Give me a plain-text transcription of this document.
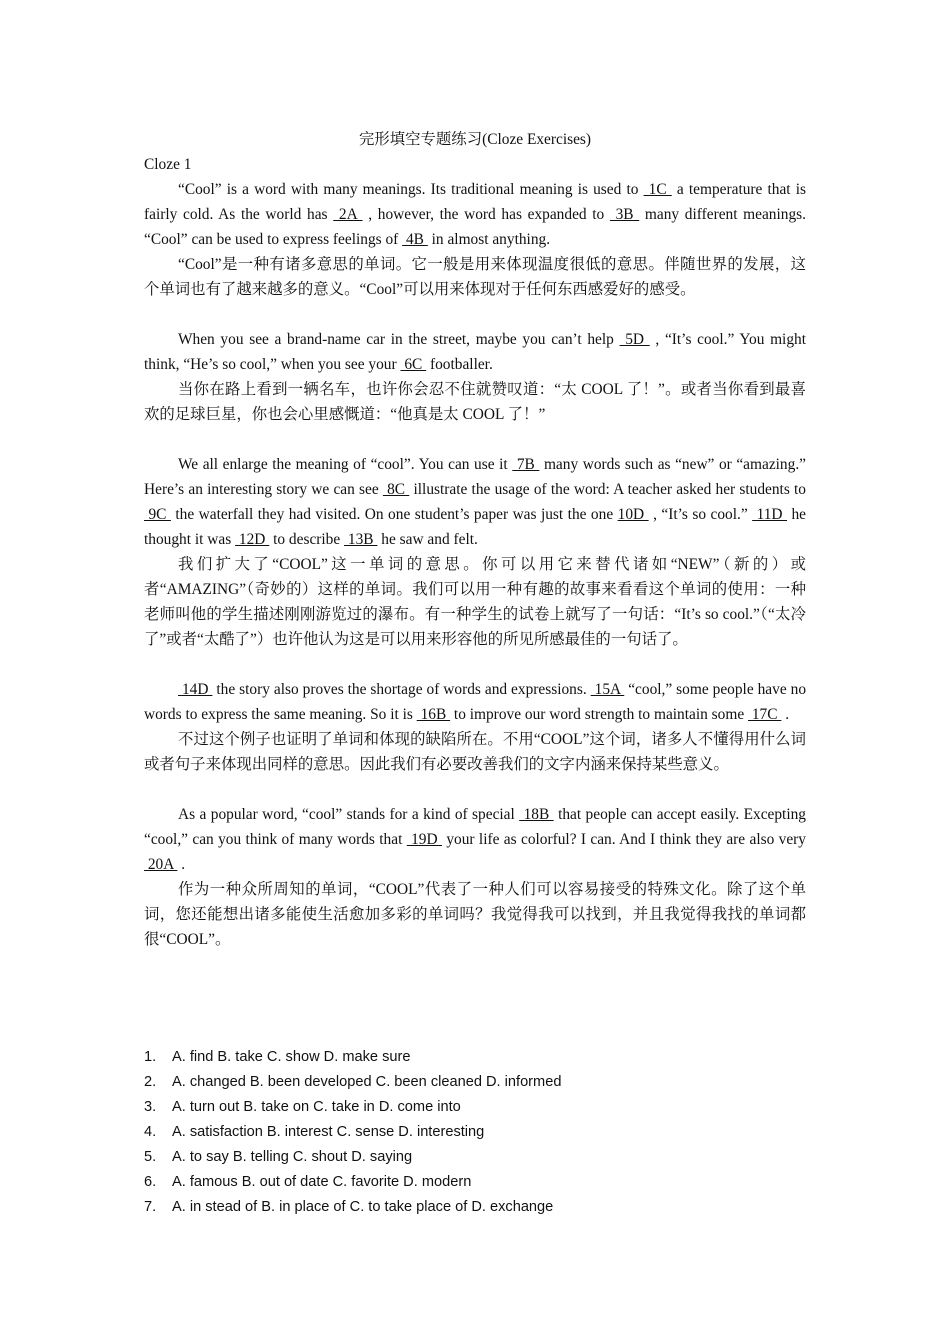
完形填空专题练习(Cloze Exercises)

Cloze 1

“Cool” is a word with many meanings. Its traditional meaning is used to  1C  a temperature that is fairly cold. As the world has  2A  , however, the word has expanded to  3B  many different meanings. “Cool” can be used to express feelings of  4B  in almost anything.

“Cool”是一种有诸多意思的单词。它一般是用来体现温度很低的意思。伴随世界的发展，这个单词也有了越来越多的意义。“Cool”可以用来体现对于任何东西感爱好的感受。

When you see a brand-name car in the street, maybe you can’t help  5D  , “It’s cool.” You might think, “He’s so cool,” when you see your  6C  footballer.

当你在路上看到一辆名车，也许你会忍不住就赞叹道：“太 COOL 了！”。或者当你看到最喜欢的足球巨星，你也会心里感慨道：“他真是太 COOL 了！”

We all enlarge the meaning of “cool”. You can use it  7B  many words such as “new” or “amazing.” Here’s an interesting story we can see  8C  illustrate the usage of the word: A teacher asked her students to  9C  the waterfall they had visited. On one student’s paper was just the one 10D  , “It’s so cool.”  11D  he thought it was  12D  to describe  13B  he saw and felt.

我们扩大了“COOL”这一单词的意思。你可以用它来替代诸如“NEW”（新的）或者“AMAZING”（奇妙的）这样的单词。我们可以用一种有趣的故事来看看这个单词的使用：一种老师叫他的学生描述刚刚游览过的瀑布。有一种学生的试卷上就写了一句话：“It’s so cool.”（“太冷了”或者“太酷了”）也许他认为这是可以用来形容他的所见所感最佳的一句话了。

14D  the story also proves the shortage of words and expressions.  15A  “cool,” some people have no words to express the same meaning. So it is  16B  to improve our word strength to maintain some  17C  .

不过这个例子也证明了单词和体现的缺陷所在。不用“COOL”这个词，诸多人不懂得用什么词或者句子来体现出同样的意思。因此我们有必要改善我们的文字内涵来保持某些意义。

As a popular word, “cool” stands for a kind of special  18B  that people can accept easily. Excepting “cool,” can you think of many words that  19D  your life as colorful? I can. And I think they are also very  20A  .

作为一种众所周知的单词，“COOL”代表了一种人们可以容易接受的特殊文化。除了这个单词，您还能想出诸多能使生活愈加多彩的单词吗？我觉得我可以找到，并且我觉得我找的单词都很“COOL”。

1.	A. find B. take C. show D. make sure

2.	A. changed B. been developed C. been cleaned D. informed

3.	A. turn out B. take on C. take in D. come into

4.	A. satisfaction B. interest C. sense D. interesting

5.	A. to say B. telling C. shout D. saying

6.	A. famous B. out of date C. favorite D. modern

7.	A. in stead of B. in place of C. to take place of D. exchange
